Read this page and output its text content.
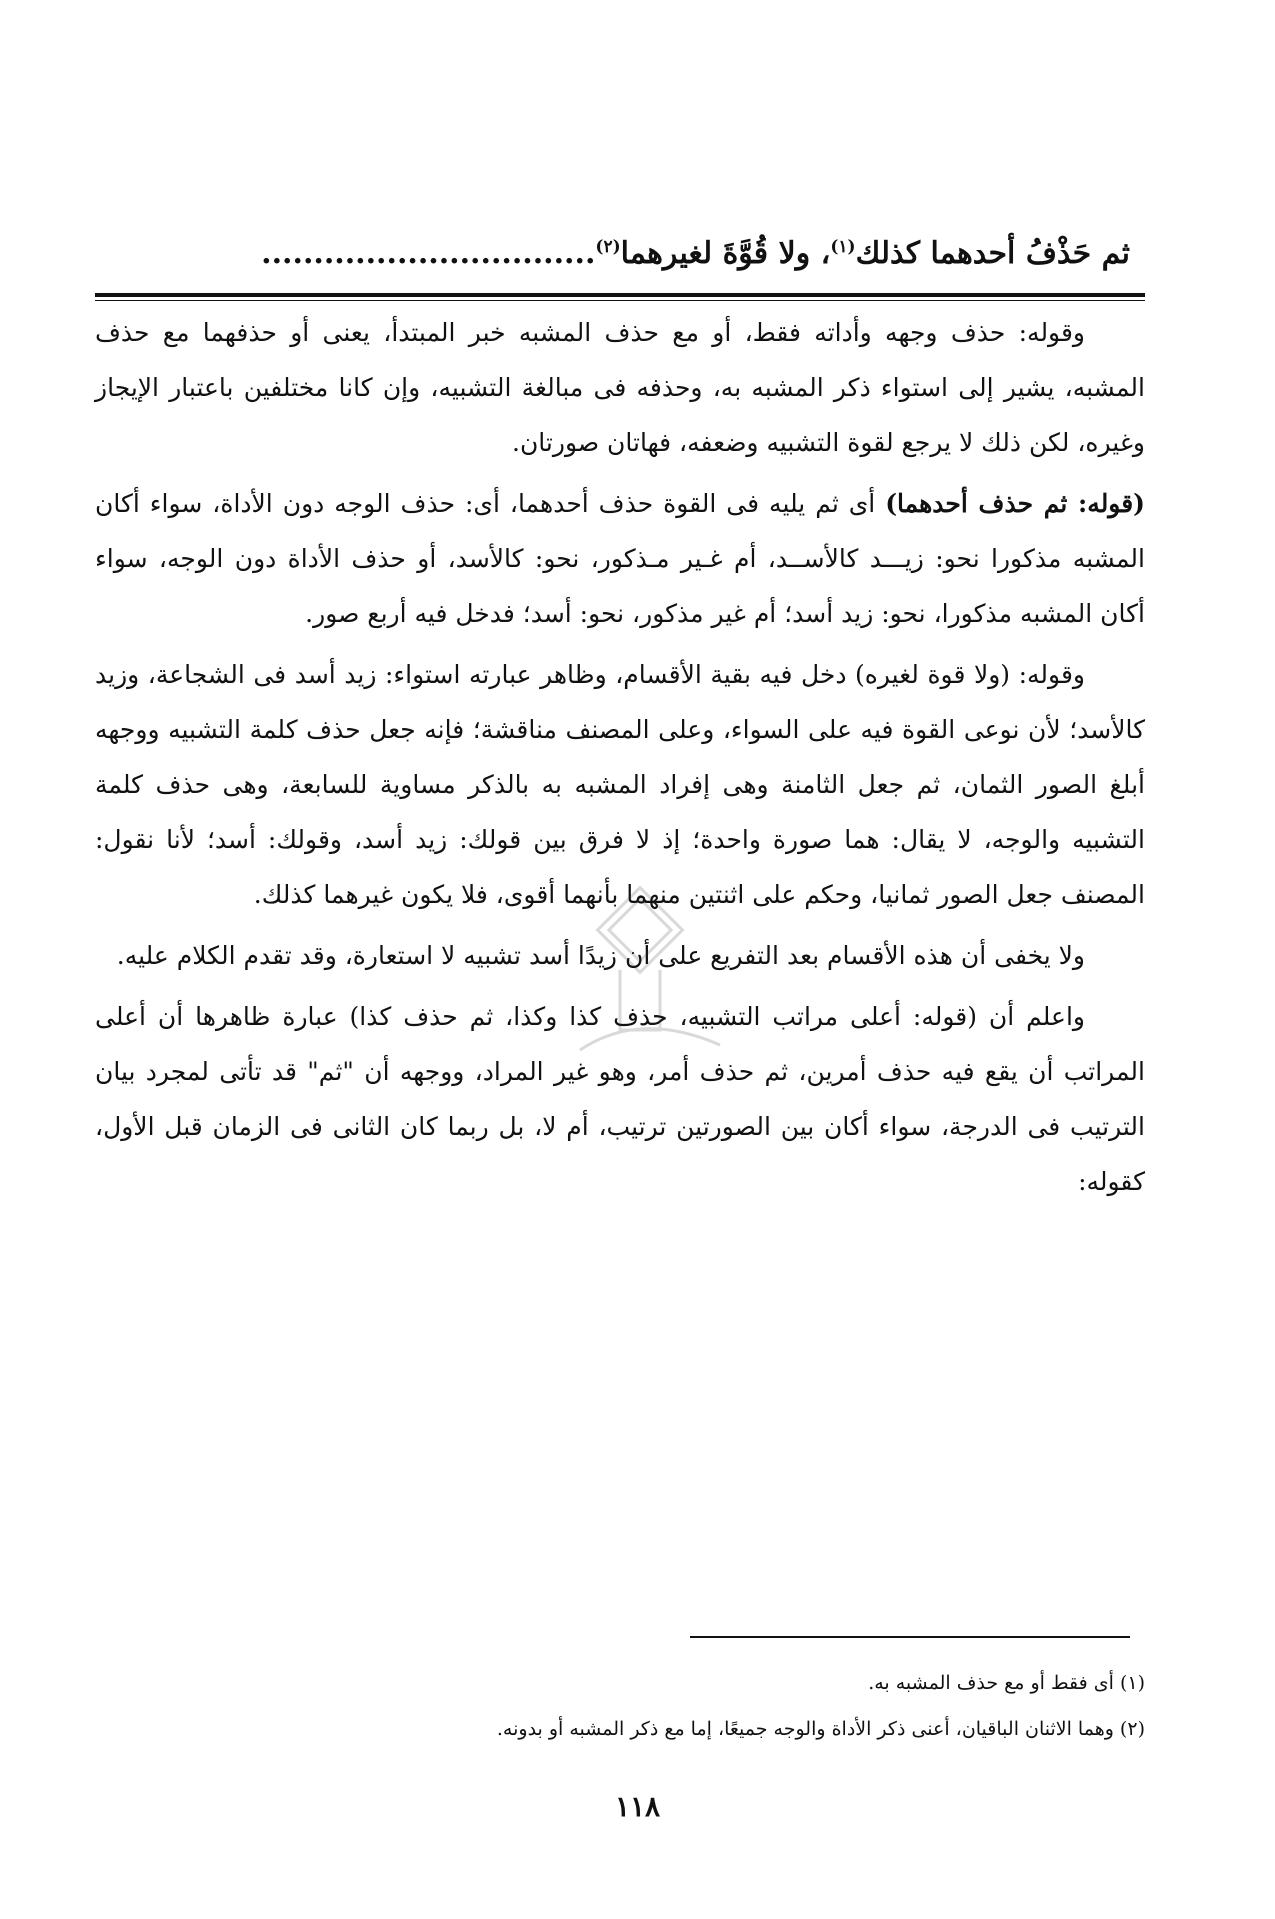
ثم حَذْفُ أحدهما كذلك$^{(١)}$، ولا قُوَّةَ لغيرهما$^{(٢)}$................................

وقوله: حذف وجهه وأداته فقط، أو مع حذف المشبه خبر المبتدأ، يعنى أو حذفهما مع حذف المشبه، يشير إلى استواء ذكر المشبه به، وحذفه فى مبالغة التشبيه، وإن كانا مختلفين باعتبار الإيجاز وغيره، لكن ذلك لا يرجع لقوة التشبيه وضعفه، فهاتان صورتان.

(قوله: ثم حذف أحدهما) أى ثم يليه فى القوة حذف أحدهما، أى: حذف الوجه دون الأداة، سواء أكان المشبه مذكورا نحو: زيـــد كالأســد، أم غـير مـذكور، نحو: كالأسد، أو حذف الأداة دون الوجه، سواء أكان المشبه مذكورا، نحو: زيد أسد؛ أم غير مذكور، نحو: أسد؛ فدخل فيه أربع صور.

وقوله: (ولا قوة لغيره) دخل فيه بقية الأقسام، وظاهر عبارته استواء: زيد أسد فى الشجاعة، وزيد كالأسد؛ لأن نوعى القوة فيه على السواء، وعلى المصنف مناقشة؛ فإنه جعل حذف كلمة التشبيه ووجهه أبلغ الصور الثمان، ثم جعل الثامنة وهى إفراد المشبه به بالذكر مساوية للسابعة، وهى حذف كلمة التشبيه والوجه، لا يقال: هما صورة واحدة؛ إذ لا فرق بين قولك: زيد أسد، وقولك: أسد؛ لأنا نقول: المصنف جعل الصور ثمانيا، وحكم على اثنتين منهما بأنهما أقوى، فلا يكون غيرهما كذلك.

ولا يخفى أن هذه الأقسام بعد التفريع على أن زيدًا أسد تشبيه لا استعارة، وقد تقدم الكلام عليه.

واعلم أن (قوله: أعلى مراتب التشبيه، حذف كذا وكذا، ثم حذف كذا) عبارة ظاهرها أن أعلى المراتب أن يقع فيه حذف أمرين، ثم حذف أمر، وهو غير المراد، ووجهه أن "ثم" قد تأتى لمجرد بيان الترتيب فى الدرجة، سواء أكان بين الصورتين ترتيب، أم لا، بل ربما كان الثانى فى الزمان قبل الأول، كقوله:

(١) أى فقط أو مع حذف المشبه به.
(٢) وهما الاثنان الباقيان، أعنى ذكر الأداة والوجه جميعًا، إما مع ذكر المشبه أو بدونه.
١١٨
